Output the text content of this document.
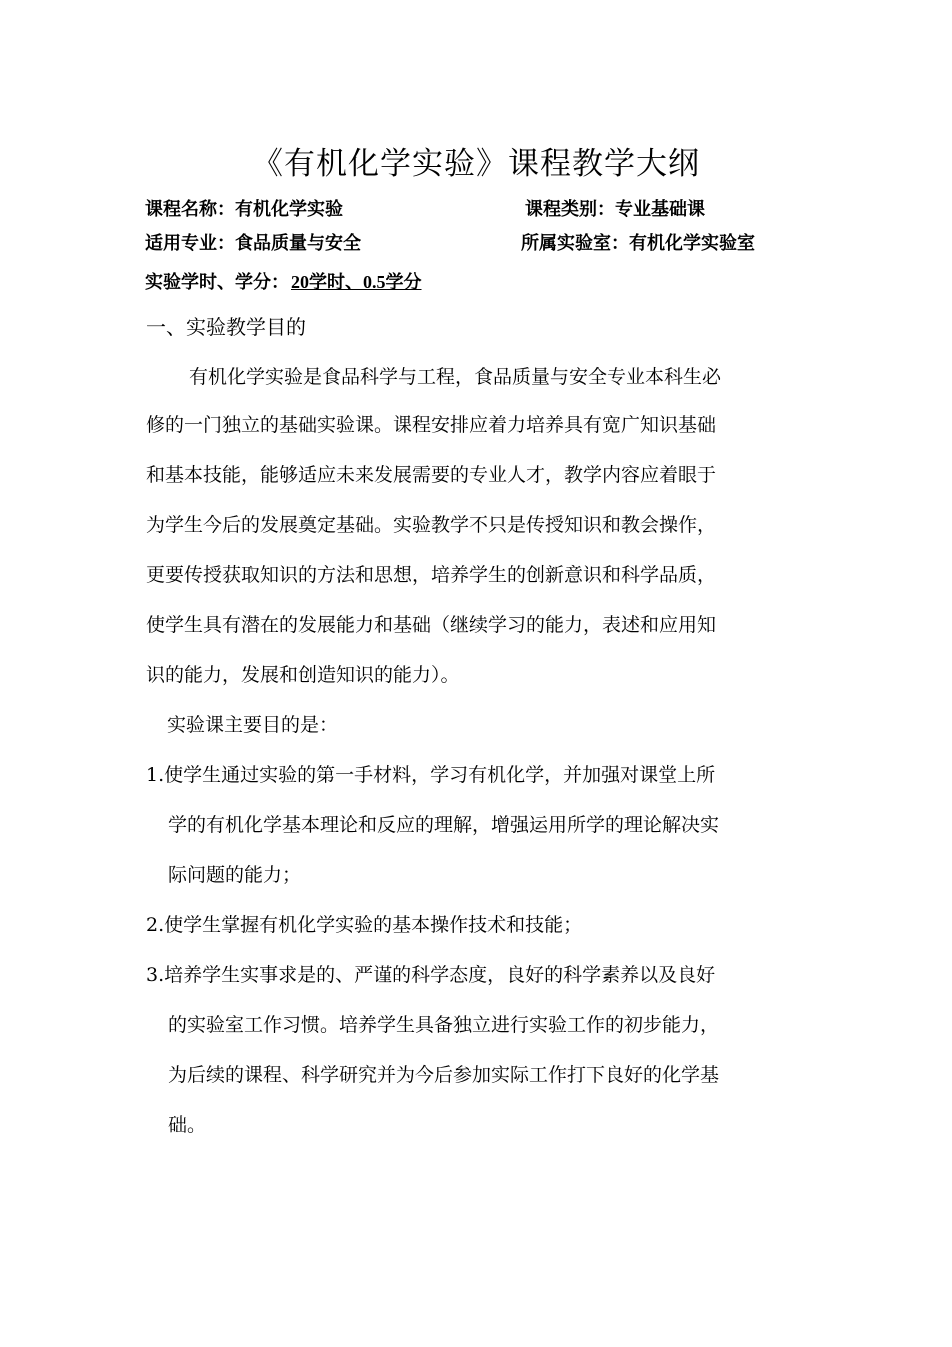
《有机化学实验》课程教学大纲
课程名称：有机化学实验	课程类别：专业基础课
适用专业：食品质量与安全	所属实验室：有机化学实验室
实验学时、学分： 20学时、0.5学分
一、实验教学目的
有机化学实验是食品科学与工程，食品质量与安全专业本科生必
修的一门独立的基础实验课。课程安排应着力培养具有宽广知识基础
和基本技能，能够适应未来发展需要的专业人才，教学内容应着眼于
为学生今后的发展奠定基础。实验教学不只是传授知识和教会操作，
更要传授获取知识的方法和思想，培养学生的创新意识和科学品质，
使学生具有潜在的发展能力和基础（继续学习的能力，表述和应用知
识的能力，发展和创造知识的能力）。
实验课主要目的是：
1.使学生通过实验的第一手材料，学习有机化学，并加强对课堂上所
学的有机化学基本理论和反应的理解，增强运用所学的理论解决实
际问题的能力；
2.使学生掌握有机化学实验的基本操作技术和技能；
3.培养学生实事求是的、严谨的科学态度，良好的科学素养以及良好
的实验室工作习惯。培养学生具备独立进行实验工作的初步能力，
为后续的课程、科学研究并为今后参加实际工作打下良好的化学基
础。
